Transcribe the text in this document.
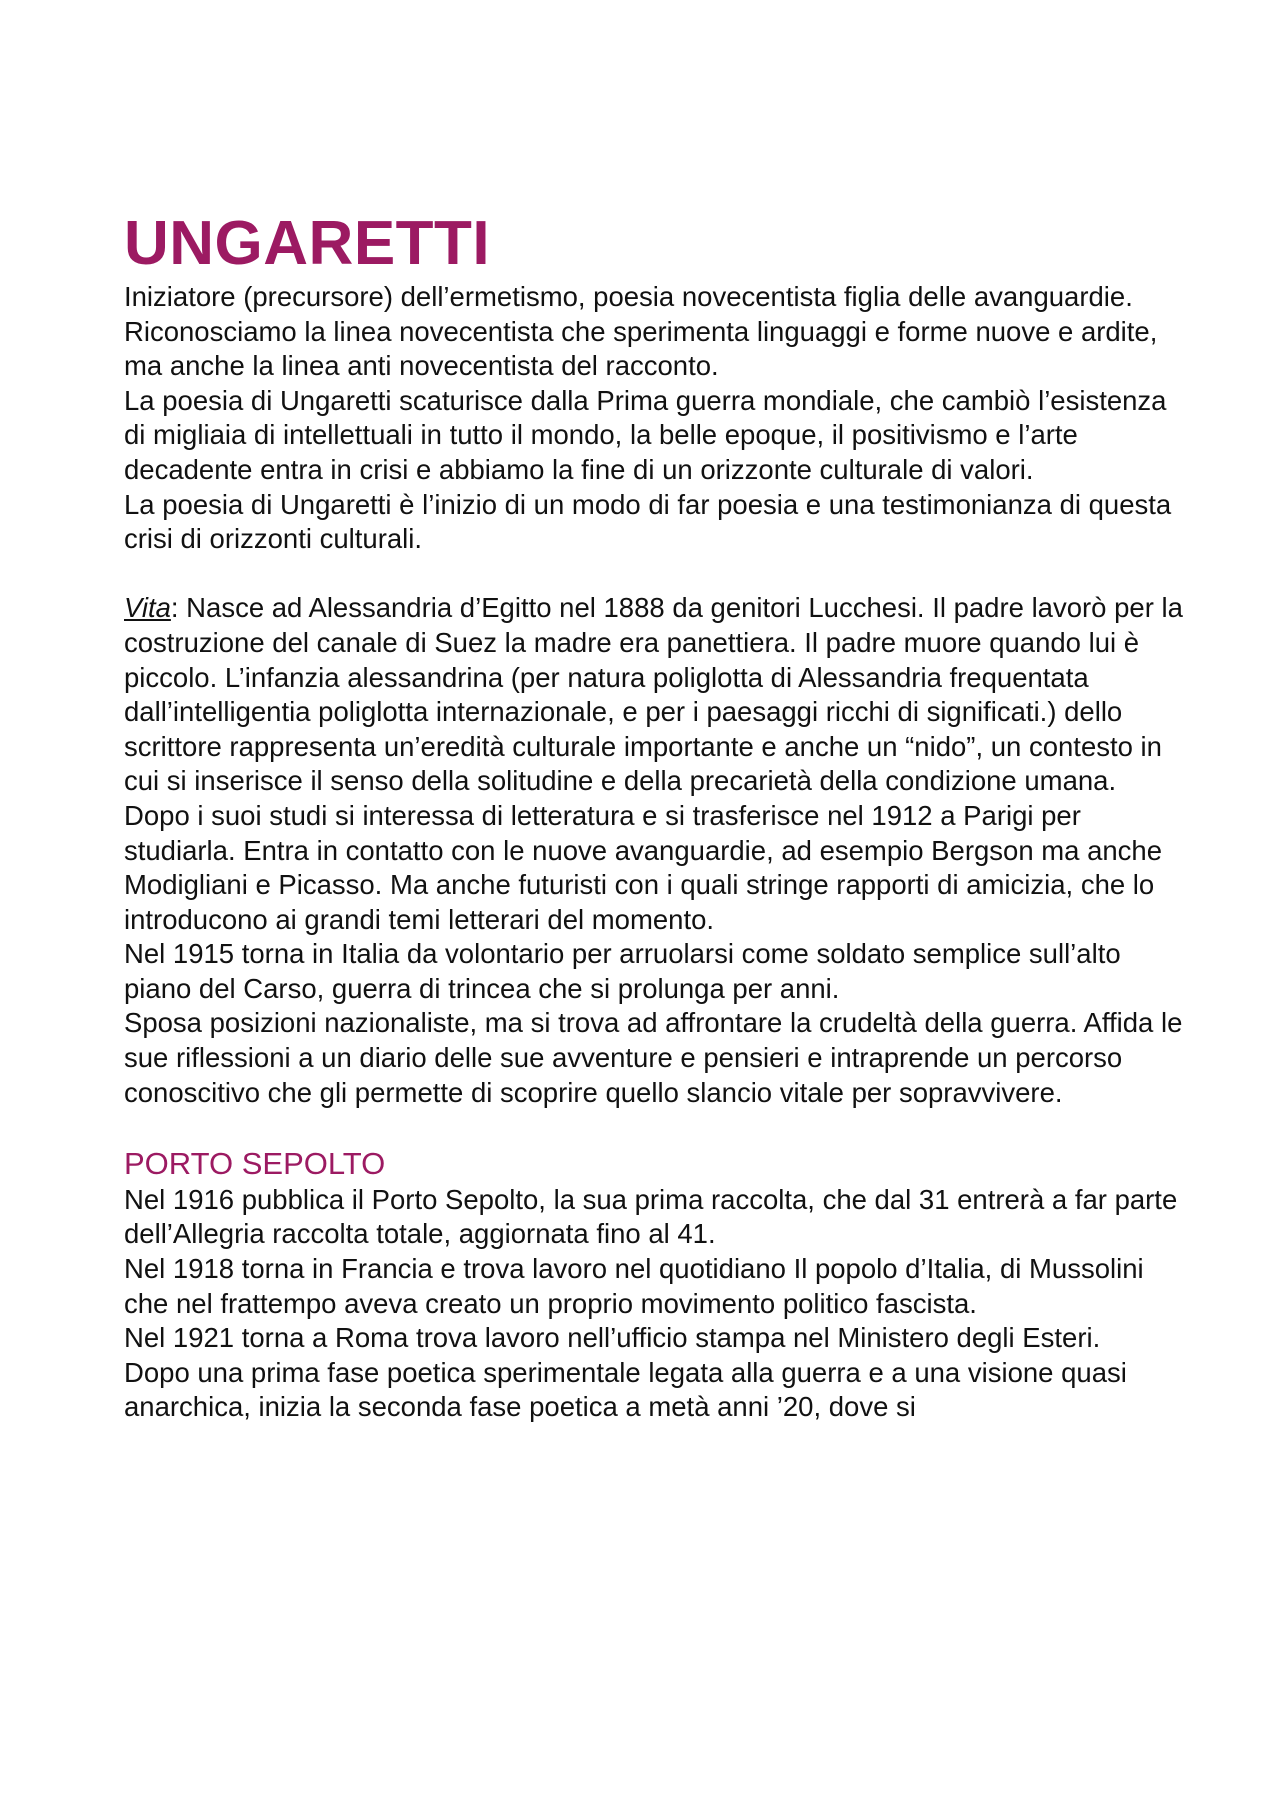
UNGARETTI

Iniziatore (precursore) dell’ermetismo, poesia novecentista figlia delle avanguardie.

Riconosciamo la linea novecentista che sperimenta linguaggi e forme nuove e ardite, ma anche la linea anti novecentista del racconto.

La poesia di Ungaretti scaturisce dalla Prima guerra mondiale, che cambiò l’esistenza di migliaia di intellettuali in tutto il mondo, la belle epoque, il positivismo e l’arte decadente entra in crisi e abbiamo la fine di un orizzonte culturale di valori.

La poesia di Ungaretti è l’inizio di un modo di far poesia e una testimonianza di questa crisi di orizzonti culturali.

Vita: Nasce ad Alessandria d’Egitto nel 1888 da genitori Lucchesi. Il padre lavorò per la costruzione del canale di Suez la madre era panettiera. Il padre muore quando lui è piccolo. L’infanzia alessandrina (per natura poliglotta di Alessandria frequentata dall’intelligentia poliglotta internazionale, e per i paesaggi ricchi di significati.) dello scrittore rappresenta un’eredità culturale importante e anche un “nido”, un contesto in cui si inserisce il senso della solitudine e della precarietà della condizione umana.

Dopo i suoi studi si interessa di letteratura e si trasferisce nel 1912 a Parigi per studiarla. Entra in contatto con le nuove avanguardie, ad esempio Bergson ma anche Modigliani e Picasso. Ma anche futuristi con i quali stringe rapporti di amicizia, che lo introducono ai grandi temi letterari del momento.

Nel 1915 torna in Italia da volontario per arruolarsi come soldato semplice sull’alto piano del Carso, guerra di trincea che si prolunga per anni.

Sposa posizioni nazionaliste, ma si trova ad affrontare la crudeltà della guerra. Affida le sue riflessioni a un diario delle sue avventure e pensieri e intraprende un percorso conoscitivo che gli permette di scoprire quello slancio vitale per sopravvivere.

PORTO SEPOLTO

Nel 1916 pubblica il Porto Sepolto, la sua prima raccolta, che dal 31 entrerà a far parte dell’Allegria raccolta totale, aggiornata fino al 41.

Nel 1918 torna in Francia e trova lavoro nel quotidiano Il popolo d’Italia, di Mussolini che nel frattempo aveva creato un proprio movimento politico fascista.

Nel 1921 torna a Roma trova lavoro nell’ufficio stampa nel Ministero degli Esteri.

Dopo una prima fase poetica sperimentale legata alla guerra e a una visione quasi anarchica, inizia la seconda fase poetica a metà anni ’20, dove si
